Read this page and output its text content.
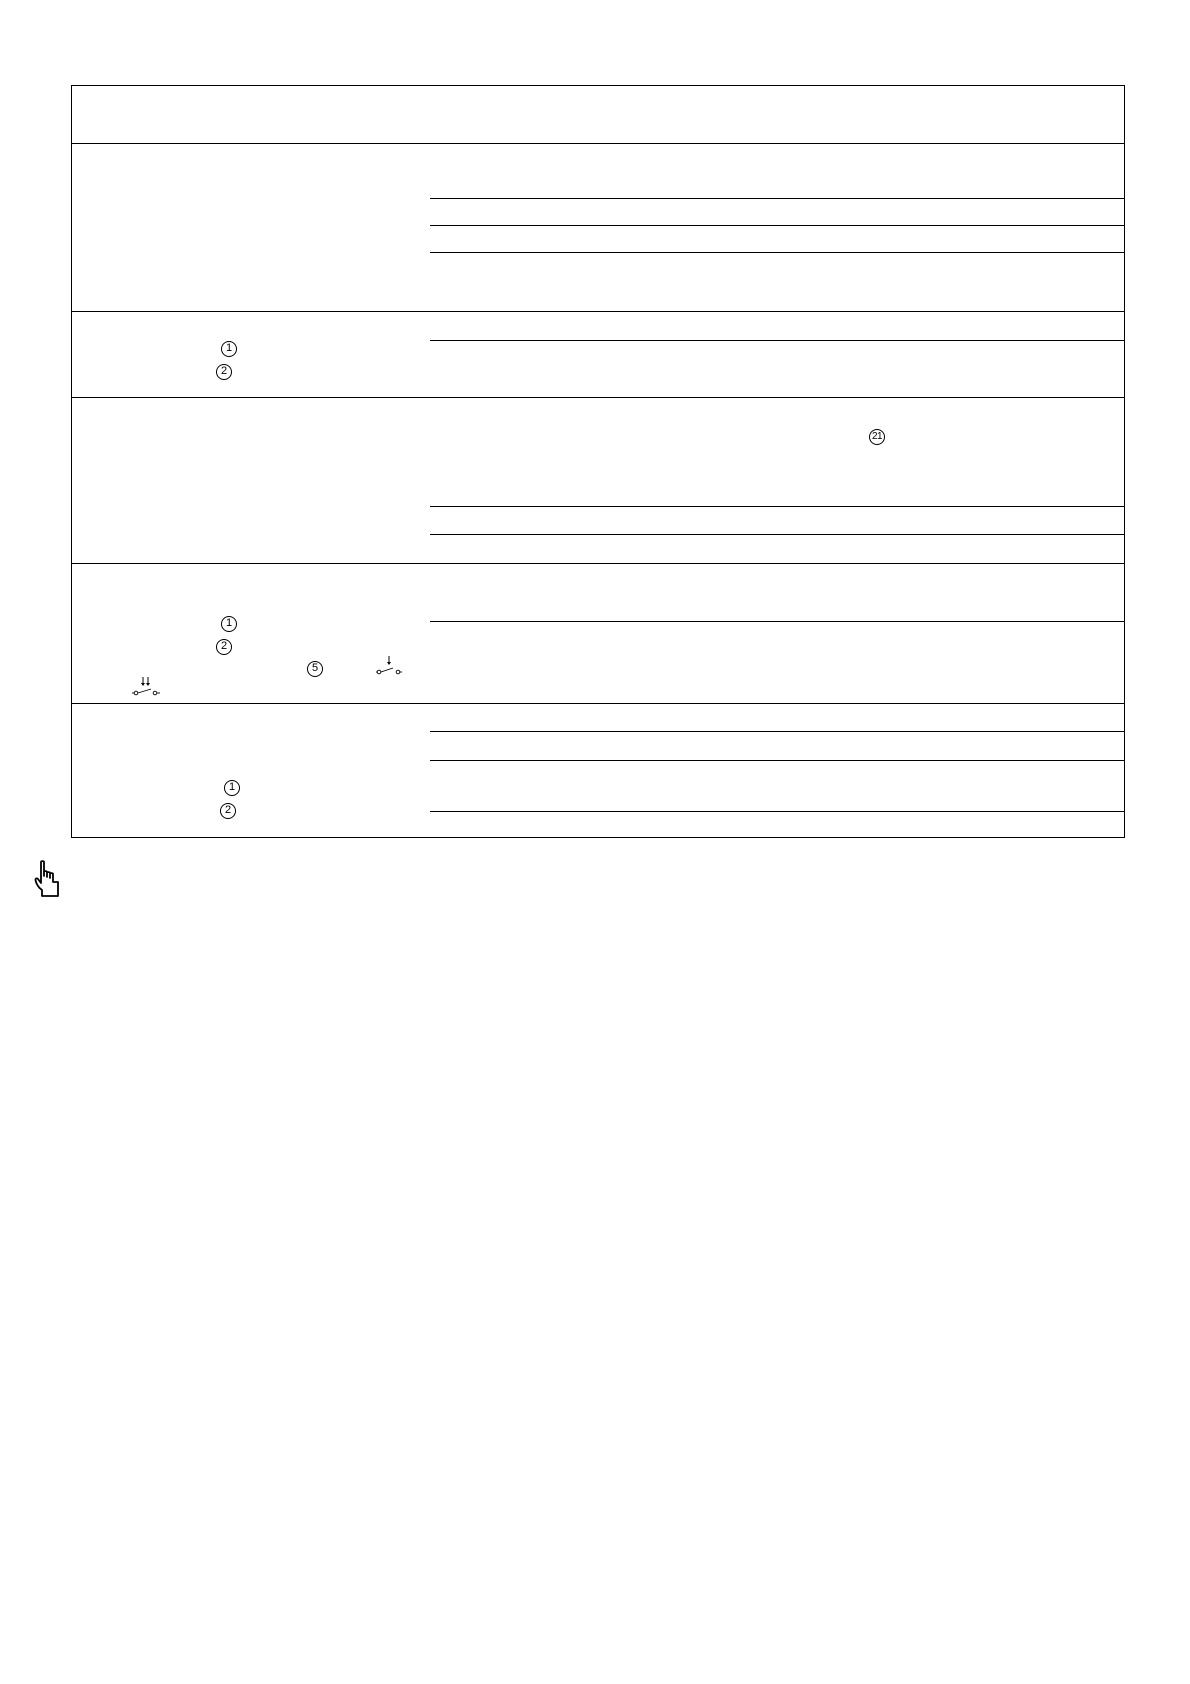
1
2
21
1
2
5
1
2
